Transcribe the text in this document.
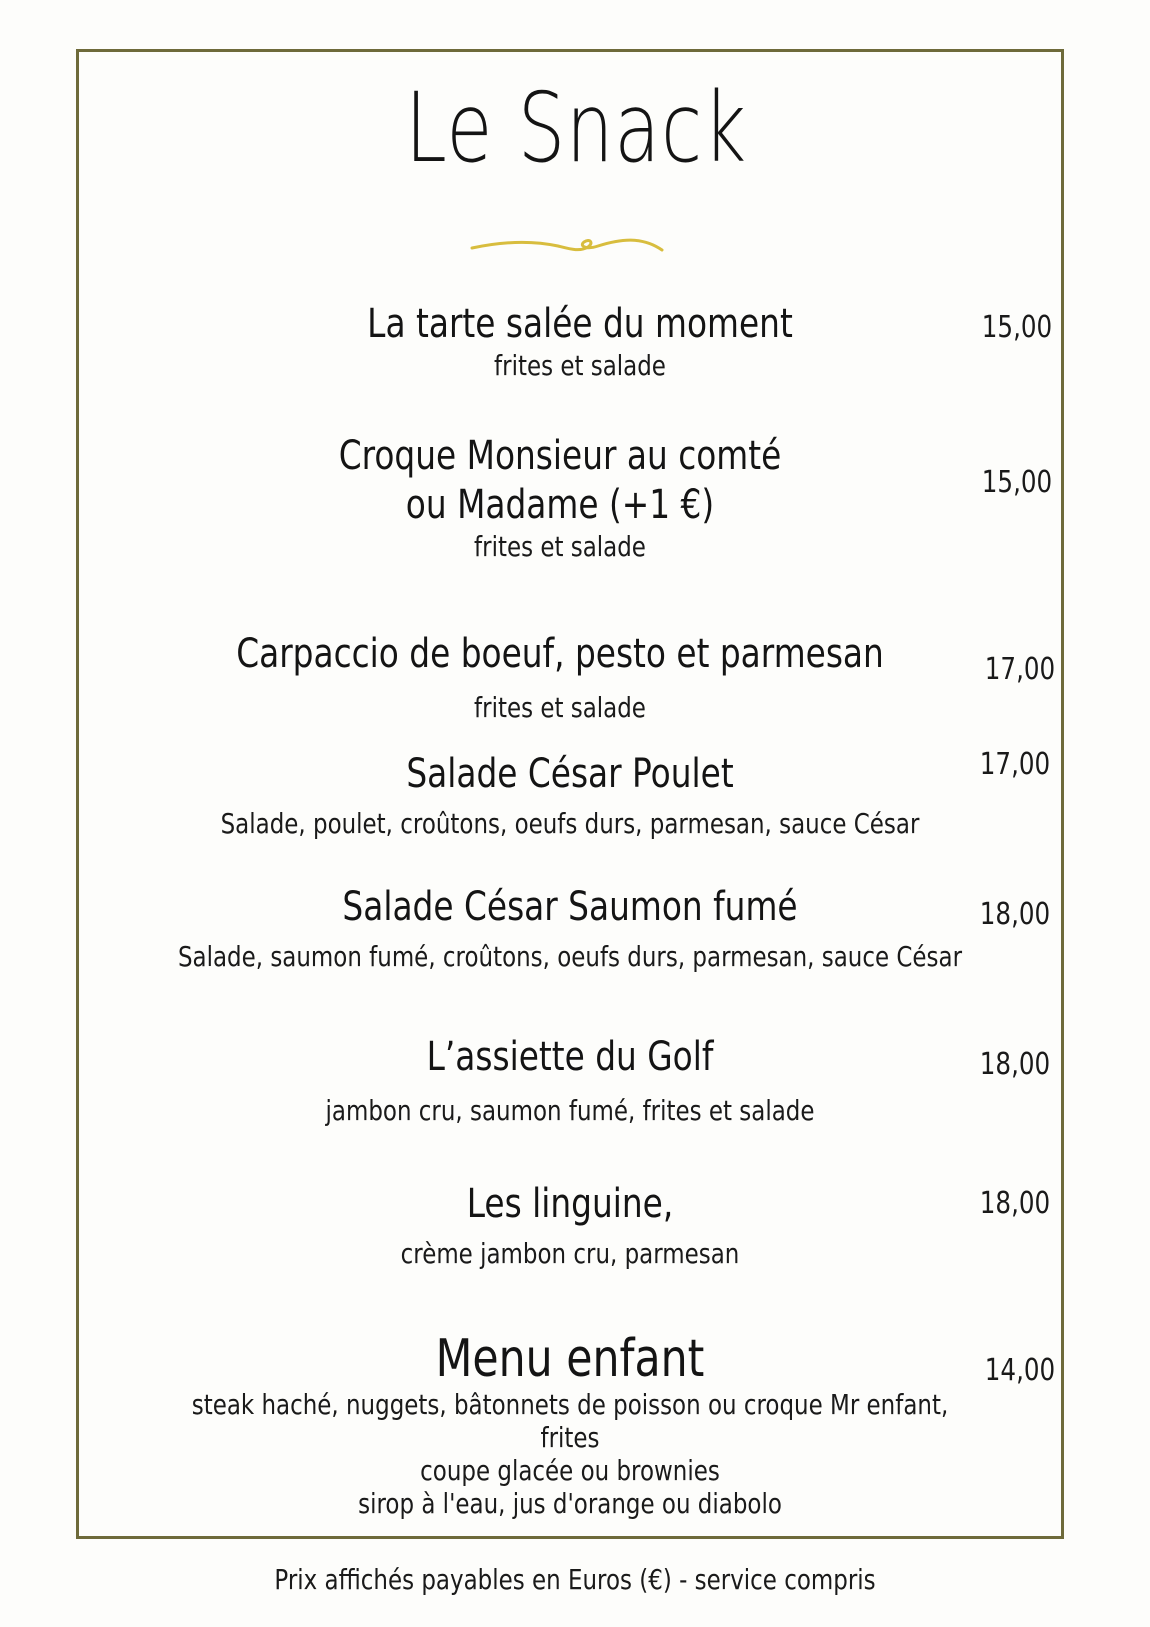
Le Snack
La tarte salée du moment
frites et salade
15,00
Croque Monsieur au comté
ou Madame (+1 €)
frites et salade
15,00
Carpaccio de boeuf, pesto et parmesan
frites et salade
17,00
Salade César Poulet
Salade, poulet, croûtons, oeufs durs, parmesan, sauce César
17,00
Salade César Saumon fumé
Salade, saumon fumé, croûtons, oeufs durs, parmesan, sauce César
18,00
L’assiette du Golf
jambon cru, saumon fumé, frites et salade
18,00
Les linguine,
crème jambon cru, parmesan
18,00
Menu enfant
steak haché, nuggets, bâtonnets de poisson ou croque Mr enfant, frites
coupe glacée ou brownies
sirop à l'eau, jus d'orange ou diabolo
14,00
Prix affichés payables en Euros (€) - service compris
